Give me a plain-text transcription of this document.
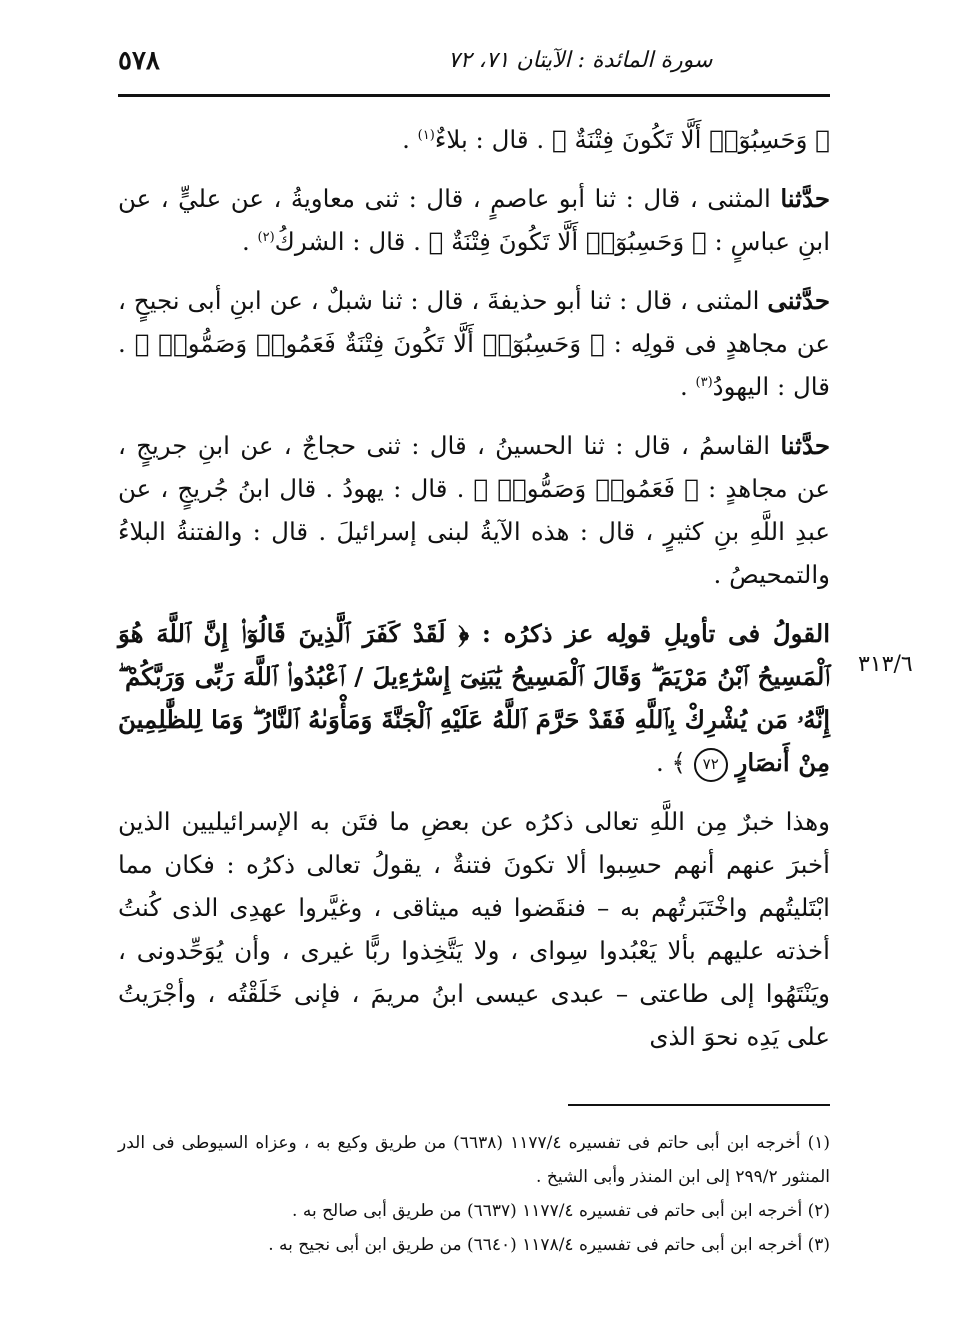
٥٧٨	سورة المائدة : الآيتان ٧١، ٧٢
٣١٣/٦

﴿ وَحَسِبُوٓا۟ أَلَّا تَكُونَ فِتْنَةٌ ﴾ . قال : بلاءٌ$^{(١)}$ .

حدَّثنا المثنى ، قال : ثنا أبو عاصمٍ ، قال : ثنى معاويةُ ، عن عليٍّ ، عن ابنِ عباسٍ : ﴿ وَحَسِبُوٓا۟ أَلَّا تَكُونَ فِتْنَةٌ ﴾ . قال : الشركُ$^{(٢)}$ .

حدَّثنى المثنى ، قال : ثنا أبو حذيفةَ ، قال : ثنا شبلٌ ، عن ابنِ أبى نجيحٍ ، عن مجاهدٍ فى قولِه : ﴿ وَحَسِبُوٓا۟ أَلَّا تَكُونَ فِتْنَةٌ فَعَمُوا۟ وَصَمُّوا۟ ﴾ . قال : اليهودُ$^{(٣)}$ .

حدَّثنا القاسمُ ، قال : ثنا الحسينُ ، قال : ثنى حجاجٌ ، عن ابنِ جريجٍ ، عن مجاهدٍ : ﴿ فَعَمُوا۟ وَصَمُّوا۟ ﴾ . قال : يهودُ . قال ابنُ جُريجٍ ، عن عبدِ اللَّهِ بنِ كثيرٍ ، قال : هذه الآيةُ لبنى إسرائيلَ . قال : والفتنةُ البلاءُ والتمحيصُ .

القولُ فى تأويلِ قولِه عز ذكرُه : ﴿ لَقَدْ كَفَرَ ٱلَّذِينَ قَالُوٓا۟ إِنَّ ٱللَّهَ هُوَ ٱلْمَسِيحُ ٱبْنُ مَرْيَمَ ۖ وَقَالَ ٱلْمَسِيحُ يَٰبَنِىٓ إِسْرَٰٓءِيلَ / ٱعْبُدُوا۟ ٱللَّهَ رَبِّى وَرَبَّكُمْ ۖ إِنَّهُۥ مَن يُشْرِكْ بِٱللَّهِ فَقَدْ حَرَّمَ ٱللَّهُ عَلَيْهِ ٱلْجَنَّةَ وَمَأْوَىٰهُ ٱلنَّارُ ۖ وَمَا لِلظَّٰلِمِينَ مِنْ أَنصَارٍ ٧٢ ﴾ .

وهذا خبرٌ مِن اللَّهِ تعالى ذكرُه عن بعضِ ما فتَن به الإسرائيليين الذين أخبرَ عنهم أنهم حسِبوا ألا تكونَ فتنةٌ ، يقولُ تعالى ذكرُه : فكان مما ابْتَليتُهم واخْتَبَرتُهم به – فنقَضوا فيه ميثاقى ، وغيَّروا عهدِى الذى كُنتُ أخذته عليهم بألا يَعْبُدوا سِواى ، ولا يَتَّخِذوا ربًّا غيرى ، وأن يُوَحِّدونى ، ويَنْتَهُوا إلى طاعتى – عبدى عيسى ابنُ مريمَ ، فإنى خَلَقْتُه ، وأجْرَيتُ على يَدِه نحوَ الذى

(١) أخرجه ابن أبى حاتم فى تفسيره ١١٧٧/٤ (٦٦٣٨) من طريق وكيع به ، وعزاه السيوطى فى الدر المنثور ٢٩٩/٢ إلى ابن المنذر وأبى الشيخ .

(٢) أخرجه ابن أبى حاتم فى تفسيره ١١٧٧/٤ (٦٦٣٧) من طريق أبى صالح به .

(٣) أخرجه ابن أبى حاتم فى تفسيره ١١٧٨/٤ (٦٦٤٠) من طريق ابن أبى نجيح به .
